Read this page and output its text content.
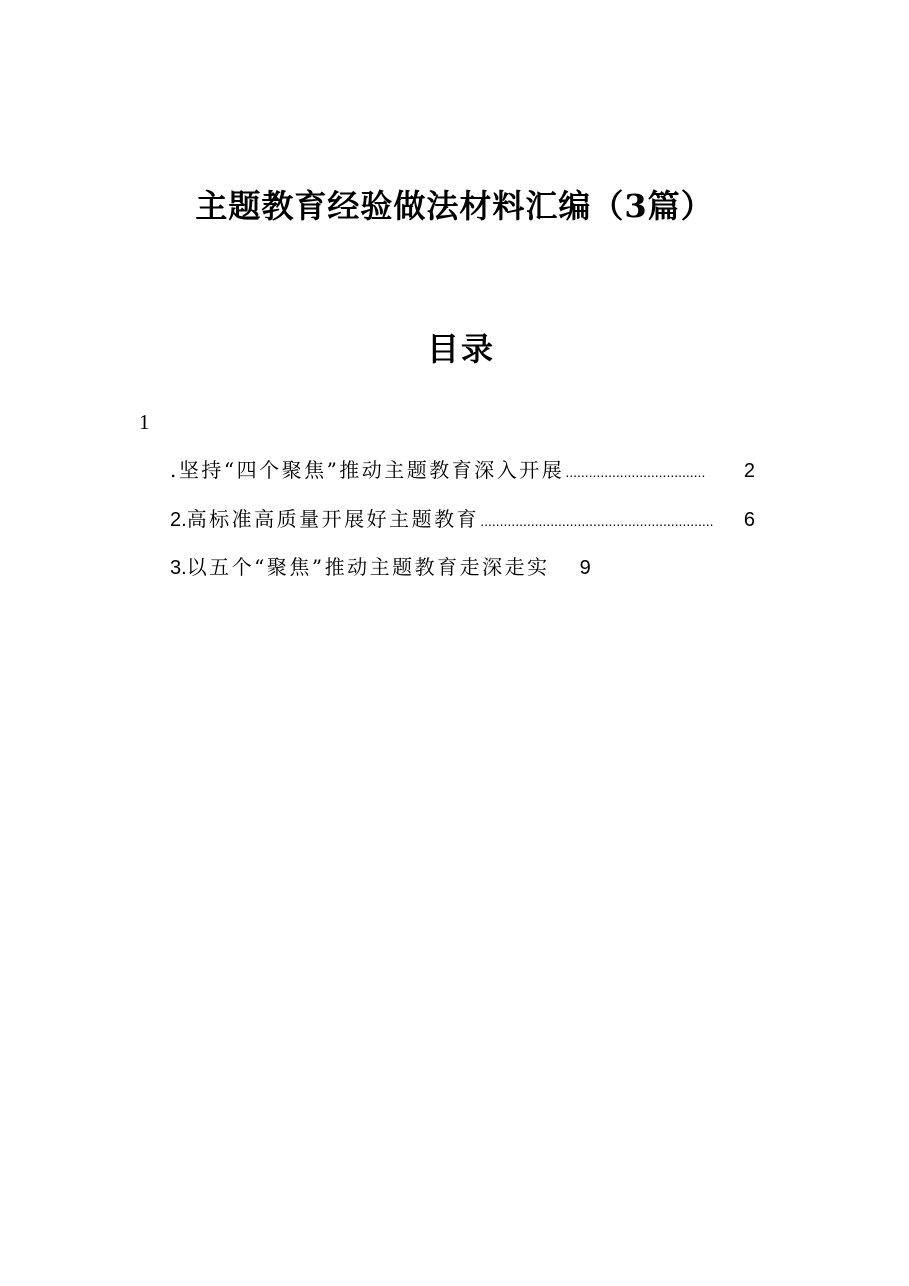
主题教育经验做法材料汇编（3篇）
目录
1
.坚持“四个聚焦”推动主题教育深入开展 ....................................	2
2. 高标准高质量开展好主题教育 ............................................................	6
3. 以五个“聚焦”推动主题教育走深走实 9
